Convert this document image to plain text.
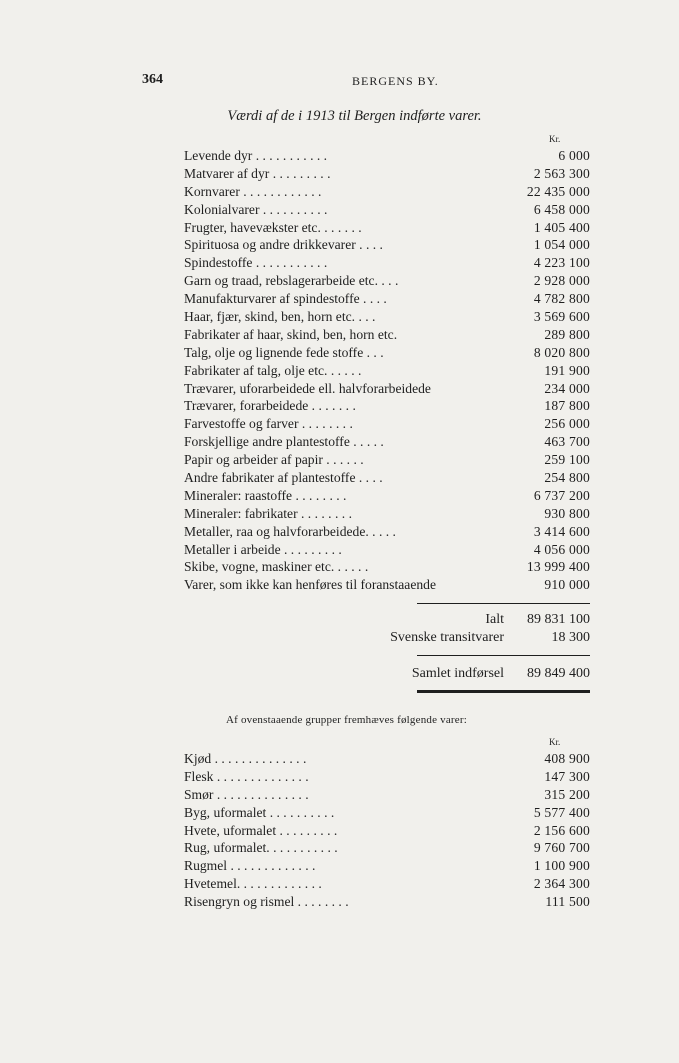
364	BERGENS BY.
Værdi af de i 1913 til Bergen indførte varer.
Kr.
Levende dyr . . . . . . . . . . .	6 000
Matvarer af dyr . . . . . . . . .	2 563 300
Kornvarer . . . . . . . . . . . .	22 435 000
Kolonialvarer . . . . . . . . . .	6 458 000
Frugter, havevækster etc. . . . . . .	1 405 400
Spirituosa og andre drikkevarer . . . .	1 054 000
Spindestoffe . . . . . . . . . . .	4 223 100
Garn og traad, rebslagerarbeide etc. . . .	2 928 000
Manufakturvarer af spindestoffe . . . .	4 782 800
Haar, fjær, skind, ben, horn etc. . . .	3 569 600
Fabrikater af haar, skind, ben, horn etc.	289 800
Talg, olje og lignende fede stoffe . . .	8 020 800
Fabrikater af talg, olje etc. . . . . .	191 900
Trævarer, uforarbeidede ell. halvforarbeidede	234 000
Trævarer, forarbeidede . . . . . . .	187 800
Farvestoffe og farver . . . . . . . .	256 000
Forskjellige andre plantestoffe . . . . .	463 700
Papir og arbeider af papir . . . . . .	259 100
Andre fabrikater af plantestoffe . . . .	254 800
Mineraler: raastoffe . . . . . . . .	6 737 200
Mineraler: fabrikater . . . . . . . .	930 800
Metaller, raa og halvforarbeidede. . . . .	3 414 600
Metaller i arbeide . . . . . . . . .	4 056 000
Skibe, vogne, maskiner etc. . . . . .	13 999 400
Varer, som ikke kan henføres til foranstaaende	910 000
Ialt 89 831 100
Svenske transitvarer	18 300
Samlet indførsel 89 849 400
Af ovenstaaende grupper fremhæves følgende varer:
Kr.
Kjød . . . . . . . . . . . . . .	408 900
Flesk . . . . . . . . . . . . . .	147 300
Smør . . . . . . . . . . . . . .	315 200
Byg, uformalet . . . . . . . . . .	5 577 400
Hvete, uformalet . . . . . . . . .	2 156 600
Rug, uformalet. . . . . . . . . . .	9 760 700
Rugmel . . . . . . . . . . . . .	1 100 900
Hvetemel. . . . . . . . . . . . .	2 364 300
Risengryn og rismel . . . . . . . .	111 500
